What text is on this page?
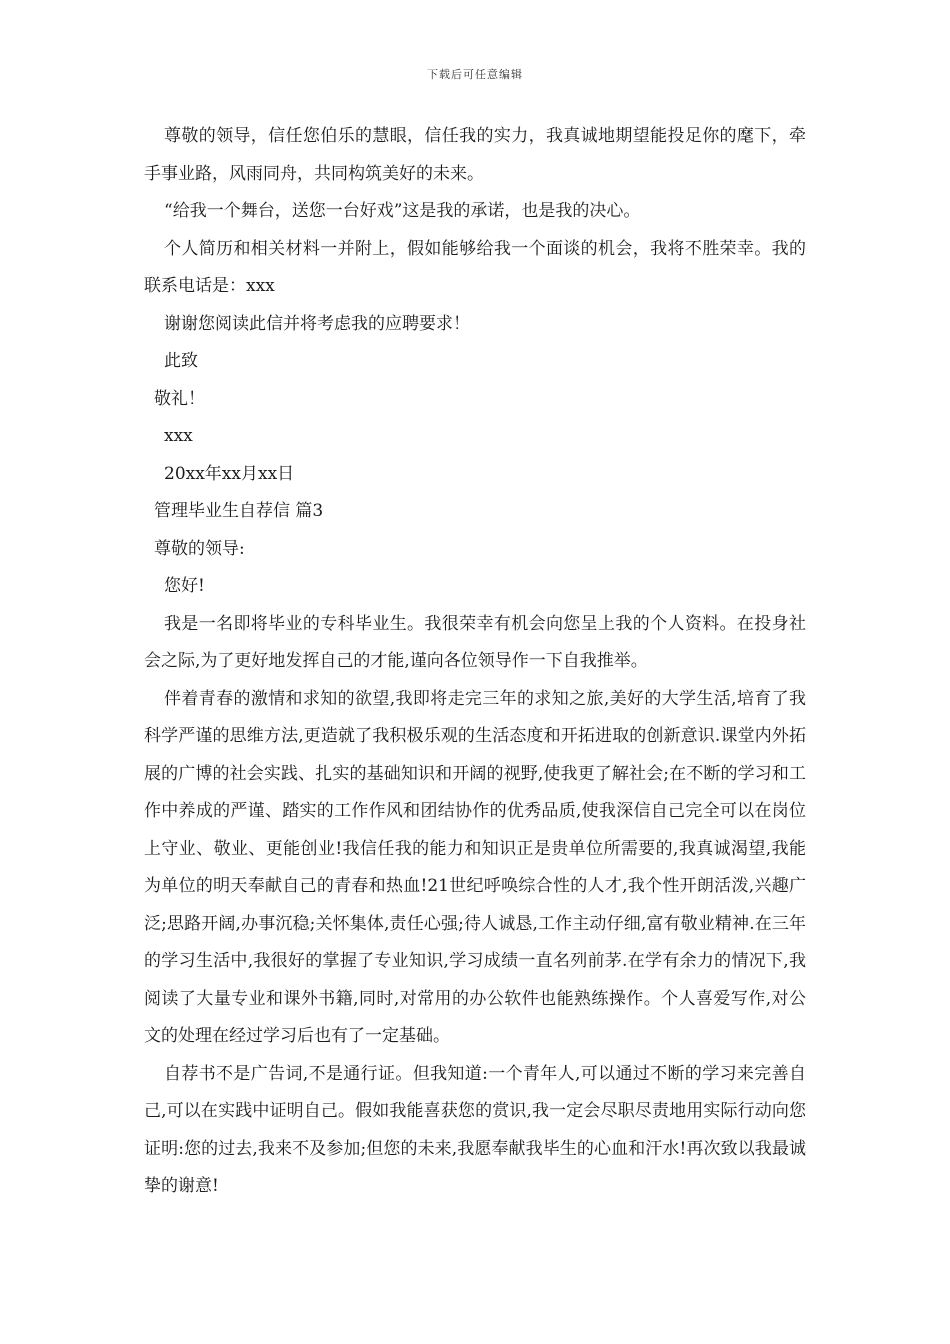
下载后可任意编辑

尊敬的领导，信任您伯乐的慧眼，信任我的实力，我真诚地期望能投足你的麾下，牵手事业路，风雨同舟，共同构筑美好的未来。

“给我一个舞台，送您一台好戏”这是我的承诺，也是我的决心。

个人简历和相关材料一并附上，假如能够给我一个面谈的机会，我将不胜荣幸。我的联系电话是：xxx

谢谢您阅读此信并将考虑我的应聘要求！

此致

敬礼！

xxx

20xx年xx月xx日

管理毕业生自荐信 篇3

尊敬的领导:

您好!

我是一名即将毕业的专科毕业生。我很荣幸有机会向您呈上我的个人资料。在投身社会之际,为了更好地发挥自己的才能,谨向各位领导作一下自我推举。

伴着青春的激情和求知的欲望,我即将走完三年的求知之旅,美好的大学生活,培育了我科学严谨的思维方法,更造就了我积极乐观的生活态度和开拓进取的创新意识.课堂内外拓展的广博的社会实践、扎实的基础知识和开阔的视野,使我更了解社会;在不断的学习和工作中养成的严谨、踏实的工作作风和团结协作的优秀品质,使我深信自己完全可以在岗位上守业、敬业、更能创业!我信任我的能力和知识正是贵单位所需要的,我真诚渴望,我能为单位的明天奉献自己的青春和热血!21世纪呼唤综合性的人才,我个性开朗活泼,兴趣广泛;思路开阔,办事沉稳;关怀集体,责任心强;待人诚恳,工作主动仔细,富有敬业精神.在三年的学习生活中,我很好的掌握了专业知识,学习成绩一直名列前茅.在学有余力的情况下,我阅读了大量专业和课外书籍,同时,对常用的办公软件也能熟练操作。个人喜爱写作,对公文的处理在经过学习后也有了一定基础。

自荐书不是广告词,不是通行证。但我知道:一个青年人,可以通过不断的学习来完善自己,可以在实践中证明自己。假如我能喜获您的赏识,我一定会尽职尽责地用实际行动向您证明:您的过去,我来不及参加;但您的未来,我愿奉献我毕生的心血和汗水!再次致以我最诚挚的谢意!
